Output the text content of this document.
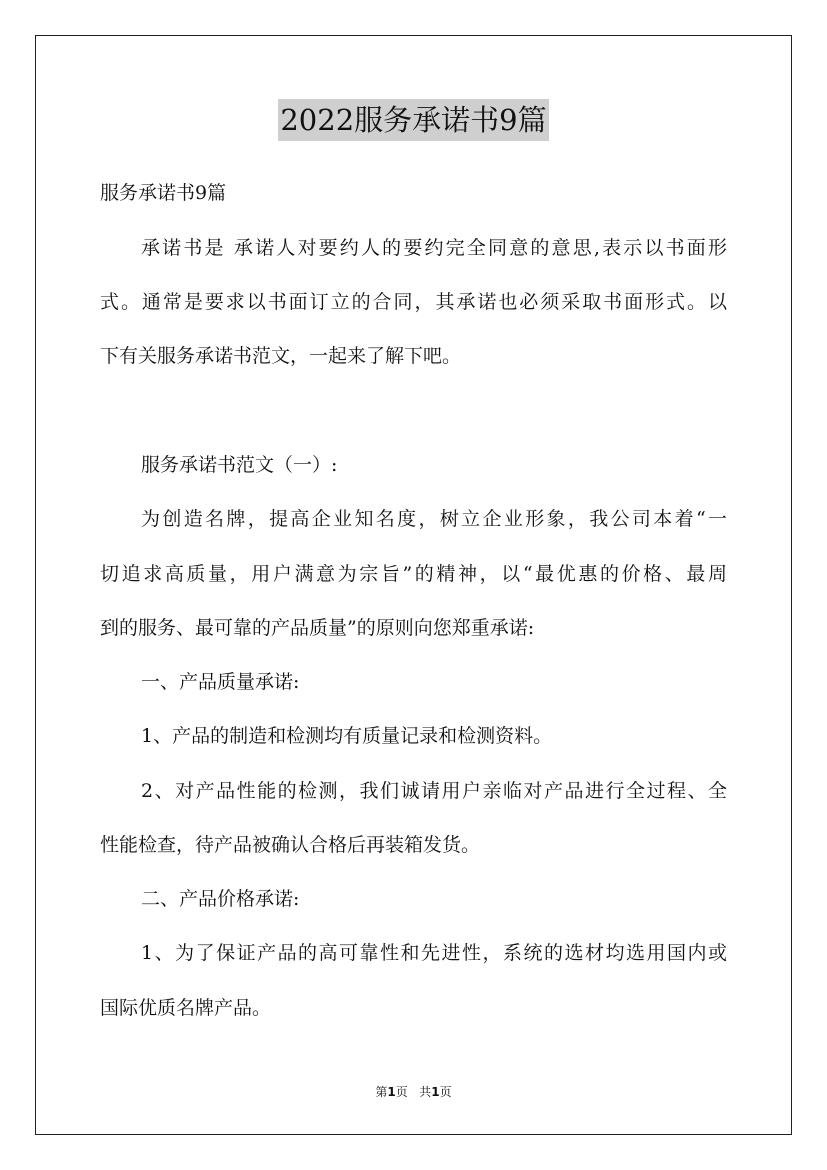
2022服务承诺书9篇
服务承诺书9篇
承诺书是 承诺人对要约人的要约完全同意的意思,表示以书面形
式。通常是要求以书面订立的合同，其承诺也必须采取书面形式。以
下有关服务承诺书范文，一起来了解下吧。
服务承诺书范文（一）:
为创造名牌，提高企业知名度，树立企业形象，我公司本着“一
切追求高质量，用户满意为宗旨”的精神，以“最优惠的价格、最周
到的服务、最可靠的产品质量”的原则向您郑重承诺:
一、产品质量承诺:
1、产品的制造和检测均有质量记录和检测资料。
2、对产品性能的检测，我们诚请用户亲临对产品进行全过程、全
性能检查，待产品被确认合格后再装箱发货。
二、产品价格承诺:
1、为了保证产品的高可靠性和先进性，系统的选材均选用国内或
国际优质名牌产品。
第1页 共1页
